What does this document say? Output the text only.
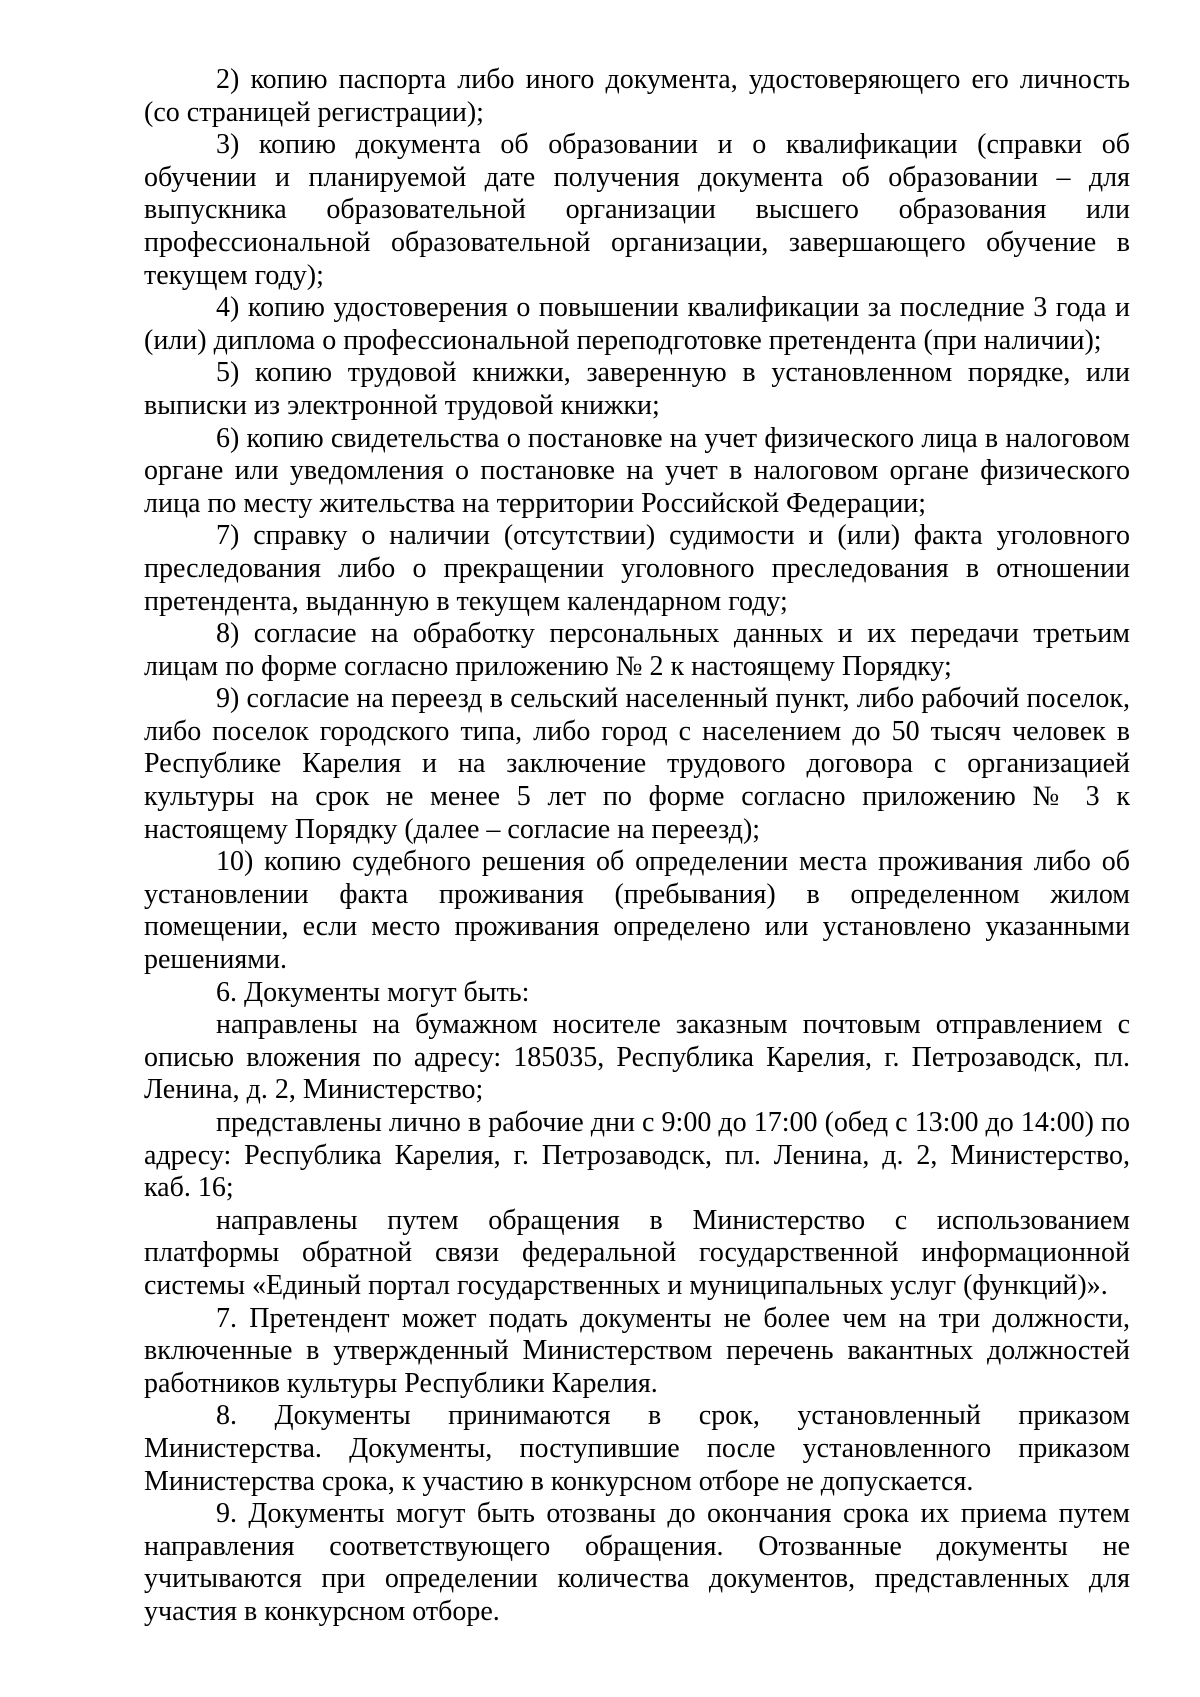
2) копию паспорта либо иного документа, удостоверяющего его личность (со страницей регистрации);

3) копию документа об образовании и о квалификации (справки об обучении и планируемой дате получения документа об образовании – для выпускника образовательной организации высшего образования или профессиональной образовательной организации, завершающего обучение в текущем году);

4) копию удостоверения о повышении квалификации за последние 3 года и (или) диплома о профессиональной переподготовке претендента (при наличии);

5) копию трудовой книжки, заверенную в установленном порядке, или выписки из электронной трудовой книжки;

6) копию свидетельства о постановке на учет физического лица в налоговом органе или уведомления о постановке на учет в налоговом органе физического лица по месту жительства на территории Российской Федерации;

7) справку о наличии (отсутствии) судимости и (или) факта уголовного преследования либо о прекращении уголовного преследования в отношении претендента, выданную в текущем календарном году;

8) согласие на обработку персональных данных и их передачи третьим лицам по форме согласно приложению № 2 к настоящему Порядку;

9) согласие на переезд в сельский населенный пункт, либо рабочий поселок, либо поселок городского типа, либо город с населением до 50 тысяч человек в Республике Карелия и на заключение трудового договора с организацией культуры на срок не менее 5 лет по форме согласно приложению № 3 к настоящему Порядку (далее – согласие на переезд);

10) копию судебного решения об определении места проживания либо об установлении факта проживания (пребывания) в определенном жилом помещении, если место проживания определено или установлено указанными решениями.

6. Документы могут быть:

направлены на бумажном носителе заказным почтовым отправлением с описью вложения по адресу: 185035, Республика Карелия, г. Петрозаводск, пл. Ленина, д. 2, Министерство;

представлены лично в рабочие дни с 9:00 до 17:00 (обед с 13:00 до 14:00) по адресу: Республика Карелия, г. Петрозаводск, пл. Ленина, д. 2, Министерство, каб. 16;

направлены путем обращения в Министерство с использованием платформы обратной связи федеральной государственной информационной системы «Единый портал государственных и муниципальных услуг (функций)».

7. Претендент может подать документы не более чем на три должности, включенные в утвержденный Министерством перечень вакантных должностей работников культуры Республики Карелия.

8. Документы принимаются в срок, установленный приказом Министерства. Документы, поступившие после установленного приказом Министерства срока, к участию в конкурсном отборе не допускается.

9. Документы могут быть отозваны до окончания срока их приема путем направления соответствующего обращения. Отозванные документы не учитываются при определении количества документов, представленных для участия в конкурсном отборе.
